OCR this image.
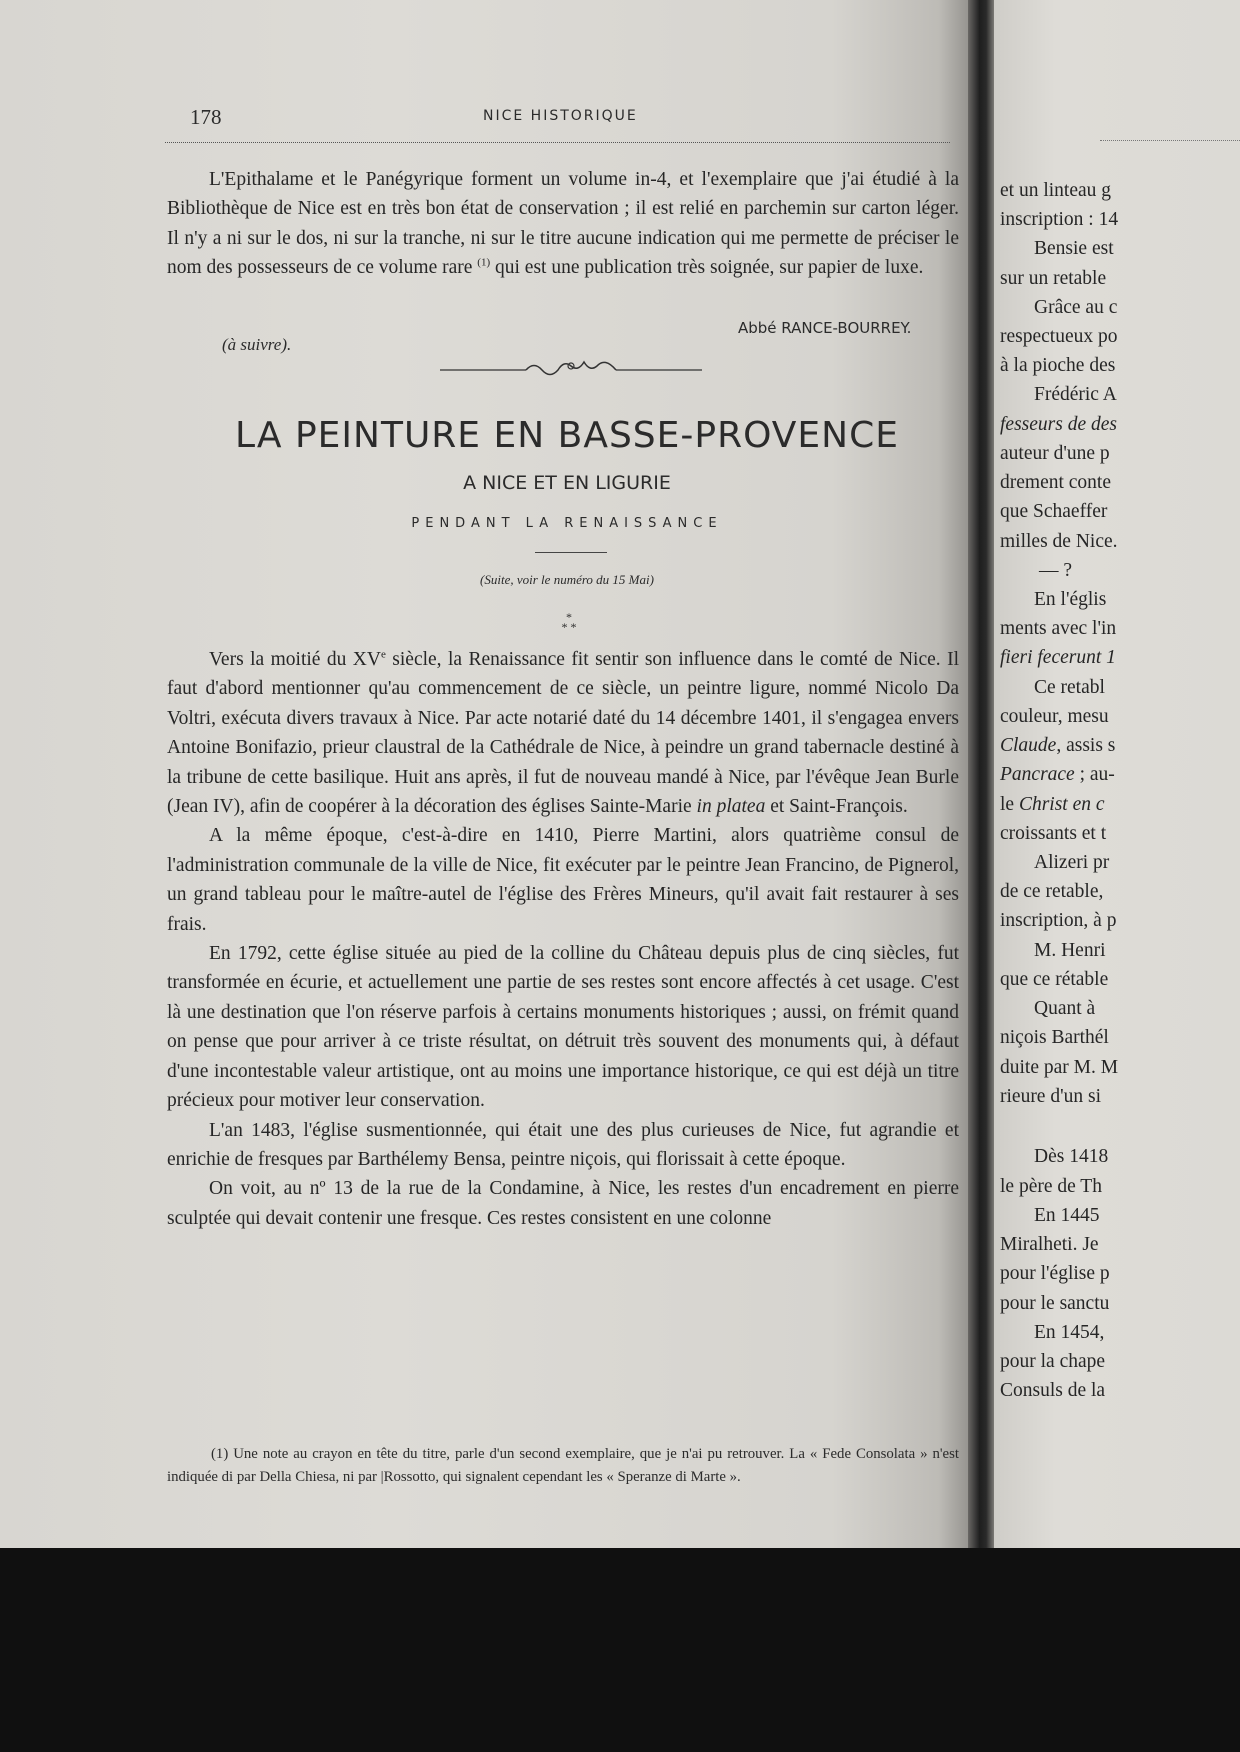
178	NICE HISTORIQUE

L'Epithalame et le Panégyrique forment un volume in-4, et l'exemplaire que j'ai étudié à la Bibliothèque de Nice est en très bon état de conservation ; il est relié en parchemin sur carton léger. Il n'y a ni sur le dos, ni sur la tranche, ni sur le titre aucune indication qui me permette de préciser le nom des possesseurs de ce volume rare $^{(1)}$ qui est une publication très soignée, sur papier de luxe.

Abbé RANCE-BOURREY.
(à suivre).
LA PEINTURE EN BASSE-PROVENCE
A NICE ET EN LIGURIE
PENDANT LA RENAISSANCE
(Suite, voir le numéro du 15 Mai)
*
* *

Vers la moitié du XVe siècle, la Renaissance fit sentir son influence dans le comté de Nice. Il faut d'abord mentionner qu'au commencement de ce siècle, un peintre ligure, nommé Nicolo Da Voltri, exécuta divers travaux à Nice. Par acte notarié daté du 14 décembre 1401, il s'engagea envers Antoine Bonifazio, prieur claustral de la Cathédrale de Nice, à peindre un grand tabernacle destiné à la tribune de cette basilique. Huit ans après, il fut de nouveau mandé à Nice, par l'évêque Jean Burle (Jean IV), afin de coopérer à la décoration des églises Sainte-Marie in platea et Saint-François.

A la même époque, c'est-à-dire en 1410, Pierre Martini, alors quatrième consul de l'administration communale de la ville de Nice, fit exécuter par le peintre Jean Francino, de Pignerol, un grand tableau pour le maître-autel de l'église des Frères Mineurs, qu'il avait fait restaurer à ses frais.

En 1792, cette église située au pied de la colline du Château depuis plus de cinq siècles, fut transformée en écurie, et actuellement une partie de ses restes sont encore affectés à cet usage. C'est là une destination que l'on réserve parfois à certains monuments historiques ; aussi, on frémit quand on pense que pour arriver à ce triste résultat, on détruit très souvent des monuments qui, à défaut d'une incontestable valeur artistique, ont au moins une importance historique, ce qui est déjà un titre précieux pour motiver leur conservation.

L'an 1483, l'église susmentionnée, qui était une des plus curieuses de Nice, fut agrandie et enrichie de fresques par Barthélemy Bensa, peintre niçois, qui florissait à cette époque.

On voit, au nº 13 de la rue de la Condamine, à Nice, les restes d'un encadrement en pierre sculptée qui devait contenir une fresque. Ces restes consistent en une colonne

(1) Une note au crayon en tête du titre, parle d'un second exemplaire, que je n'ai pu retrouver. La « Fede Consolata » n'est indiquée di par Della Chiesa, ni par |Rossotto, qui signalent cependant les « Speranze di Marte ».

et un linteau g
inscription : 14
Bensie est
sur un retable
Grâce au c
respectueux po
à la pioche des
Frédéric A
fesseurs de des
auteur d'une p
drement conte
que Schaeffer
milles de Nice.
— ?
En l'églis
ments avec l'in
fieri fecerunt 1
Ce retabl
couleur, mesu
Claude, assis s
Pancrace ; au-
le Christ en c
croissants et t
Alizeri pr
de ce retable,
inscription, à p
M. Henri
que ce rétable
Quant à
niçois Barthél
duite par M. M
rieure d'un si
Dès 1418
le père de Th
En 1445
Miralheti. Je
pour l'église p
pour le sanctu
En 1454,
pour la chape
Consuls de la
